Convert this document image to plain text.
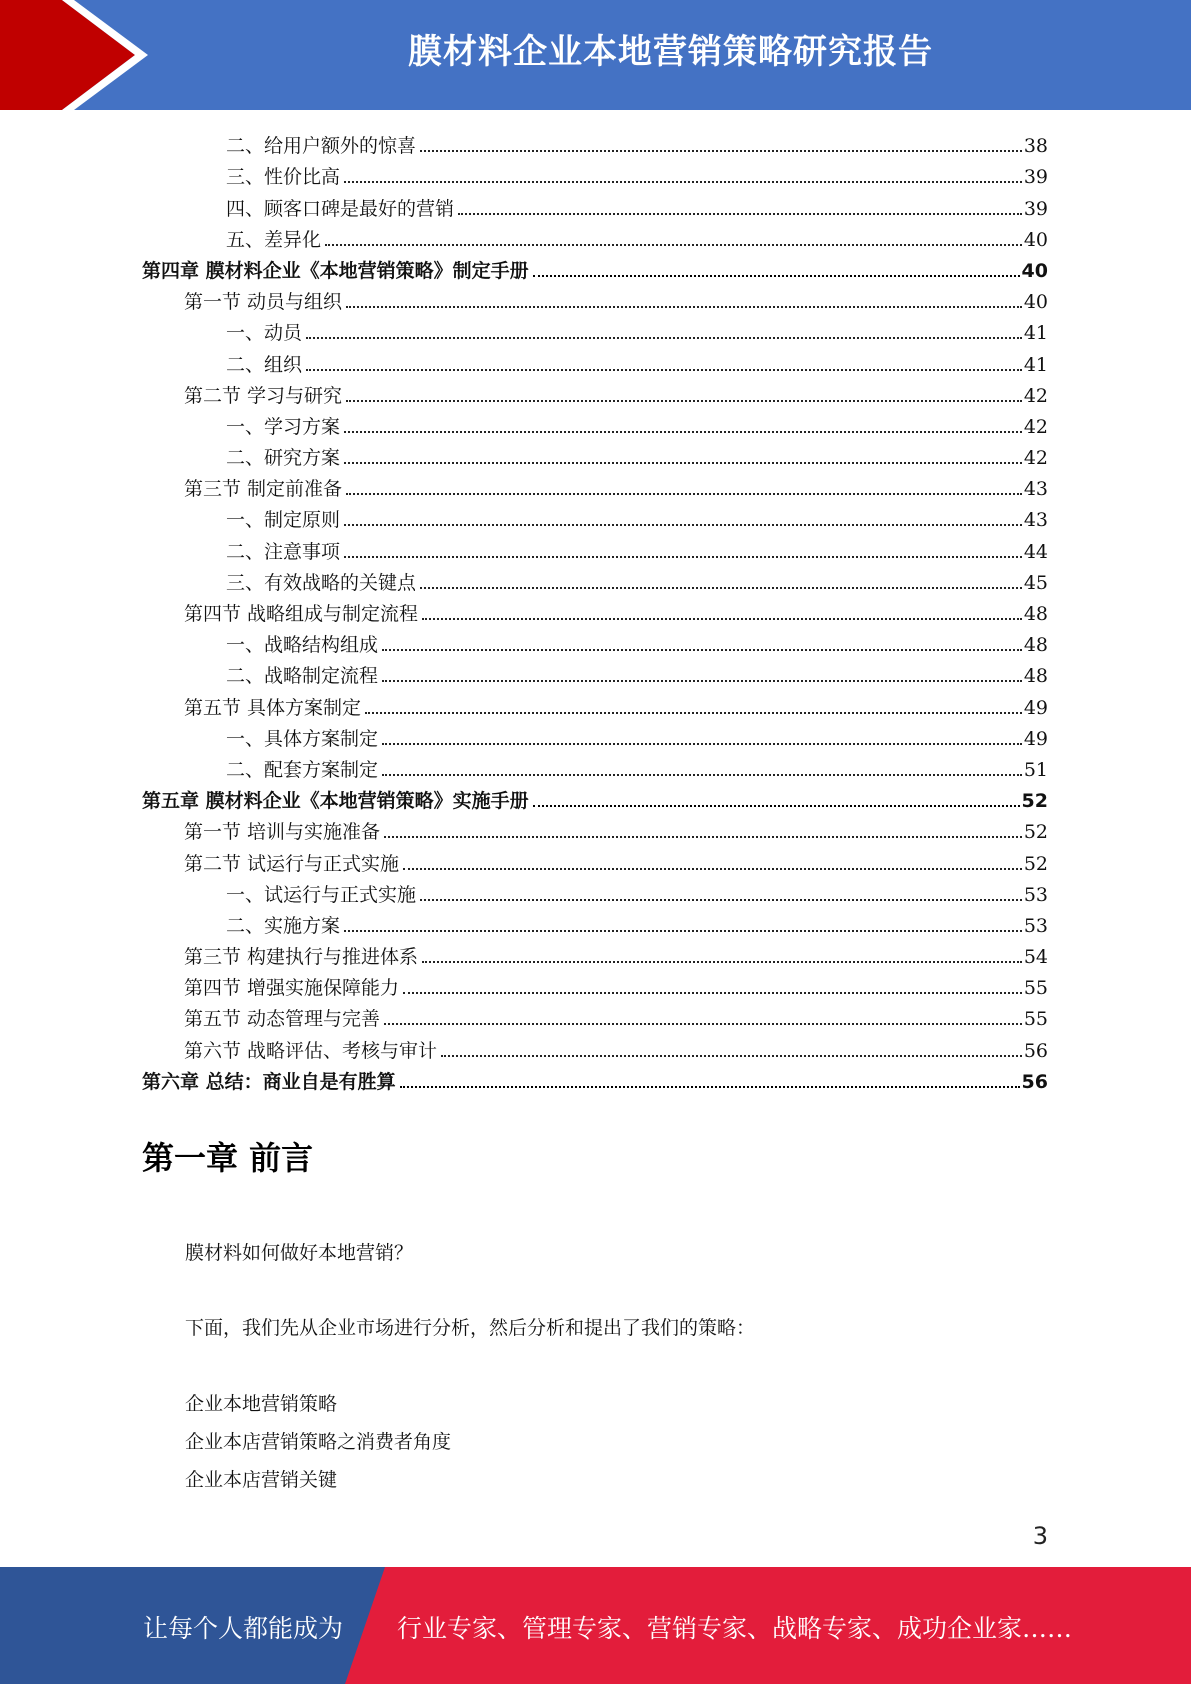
膜材料企业本地营销策略研究报告
二、给用户额外的惊喜	38
三、性价比高	39
四、顾客口碑是最好的营销	39
五、差异化	40
第四章 膜材料企业《本地营销策略》制定手册	40
第一节 动员与组织	40
一、动员	41
二、组织	41
第二节 学习与研究	42
一、学习方案	42
二、研究方案	42
第三节 制定前准备	43
一、制定原则	43
二、注意事项	44
三、有效战略的关键点	45
第四节 战略组成与制定流程	48
一、战略结构组成	48
二、战略制定流程	48
第五节 具体方案制定	49
一、具体方案制定	49
二、配套方案制定	51
第五章 膜材料企业《本地营销策略》实施手册	52
第一节 培训与实施准备	52
第二节 试运行与正式实施	52
一、试运行与正式实施	53
二、实施方案	53
第三节 构建执行与推进体系	54
第四节 增强实施保障能力	55
第五节 动态管理与完善	55
第六节 战略评估、考核与审计	56
第六章 总结：商业自是有胜算	56
第一章 前言
膜材料如何做好本地营销？
下面，我们先从企业市场进行分析，然后分析和提出了我们的策略：
企业本地营销策略
企业本店营销策略之消费者角度
企业本店营销关键
3
让每个人都能成为 行业专家、管理专家、营销专家、战略专家、成功企业家……
